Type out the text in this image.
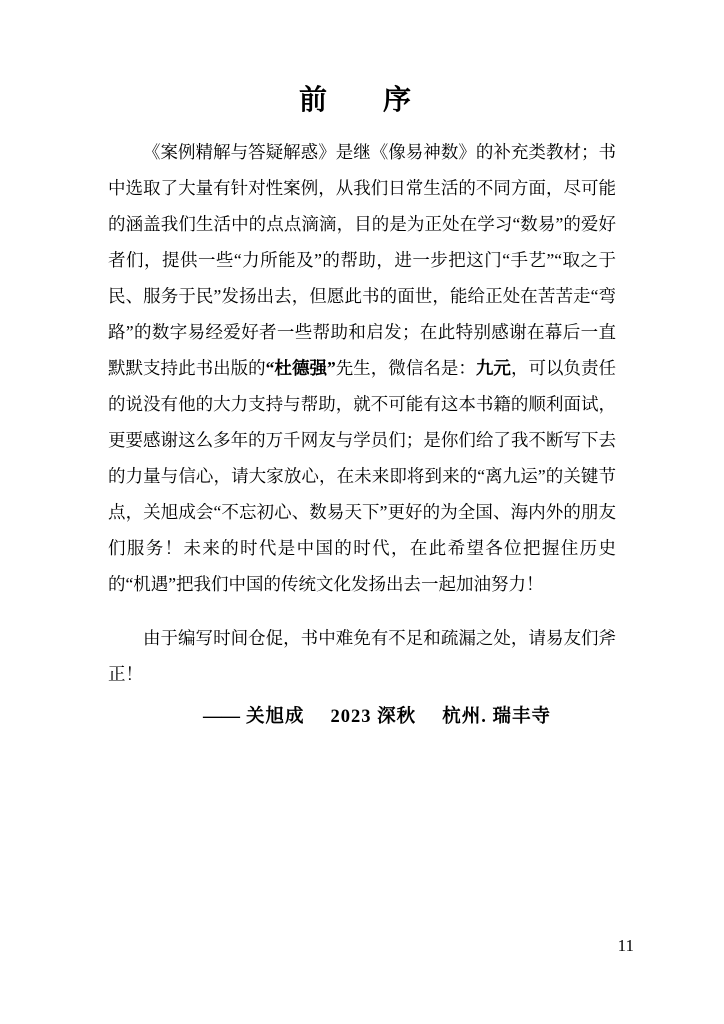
前　序

《案例精解与答疑解惑》是继《像易神数》的补充类教材；书中选取了大量有针对性案例，从我们日常生活的不同方面，尽可能的涵盖我们生活中的点点滴滴，目的是为正处在学习“数易”的爱好者们，提供一些“力所能及”的帮助，进一步把这门“手艺”“取之于民、服务于民”发扬出去，但愿此书的面世，能给正处在苦苦走“弯路”的数字易经爱好者一些帮助和启发；在此特别感谢在幕后一直默默支持此书出版的“杜德强”先生，微信名是：九元，可以负责任的说没有他的大力支持与帮助，就不可能有这本书籍的顺利面试，更要感谢这么多年的万千网友与学员们；是你们给了我不断写下去的力量与信心，请大家放心，在未来即将到来的“离九运”的关键节点，关旭成会“不忘初心、数易天下”更好的为全国、海内外的朋友们服务！未来的时代是中国的时代，在此希望各位把握住历史的“机遇”把我们中国的传统文化发扬出去一起加油努力！

由于编写时间仓促，书中难免有不足和疏漏之处，请易友们斧正！

—— 关旭成 2023 深秋 杭州. 瑞丰寺
11
